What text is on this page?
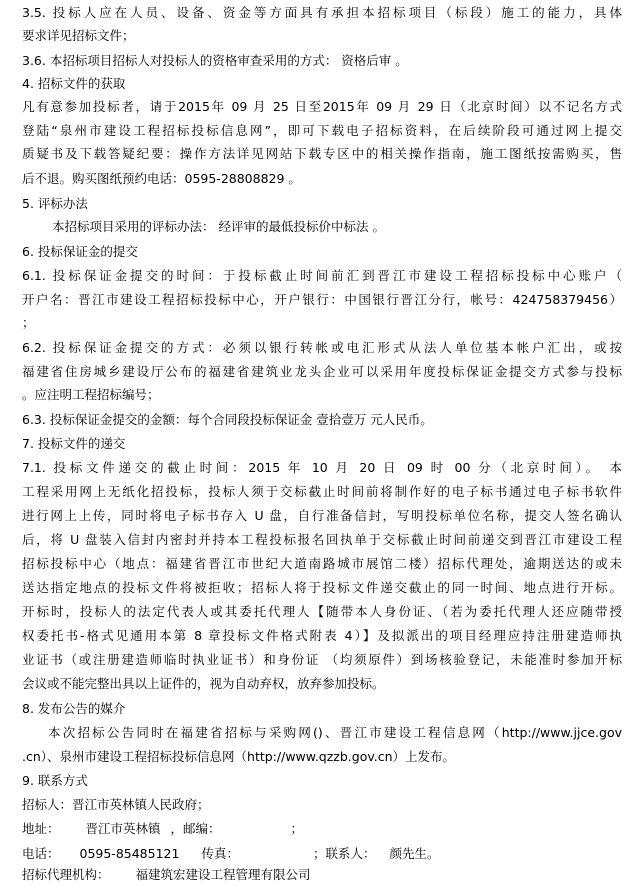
3.5. 投标人应在人员、设备、资金等方面具有承担本招标项目（标段）施工的能力，具体
要求详见招标文件；
3.6. 本招标项目招标人对投标人的资格审查采用的方式： 资格后审 。
4. 招标文件的获取
凡有意参加投标者，请于2015年 09 月 25 日至2015年 09 月 29 日（北京时间）以不记名方式
登陆“泉州市建设工程招标投标信息网”，即可下载电子招标资料，在后续阶段可通过网上提交
质疑书及下载答疑纪要：操作方法详见网站下载专区中的相关操作指南，施工图纸按需购买，售
后不退。购买图纸预约电话：0595-28808829 。
5. 评标办法
本招标项目采用的评标办法： 经评审的最低投标价中标法 。
6. 投标保证金的提交
6.1. 投标保证金提交的时间：于投标截止时间前汇到晋江市建设工程招标投标中心账户（
开户名：晋江市建设工程招标投标中心，开户银行：中国银行晋江分行，帐号：424758379456）
；
6.2. 投标保证金提交的方式：必须以银行转帐或电汇形式从法人单位基本帐户汇出，或按
福建省住房城乡建设厅公布的福建省建筑业龙头企业可以采用年度投标保证金提交方式参与投标
。应注明工程招标编号；
6.3. 投标保证金提交的金额：每个合同段投标保证金 壹拾壹万 元人民币。
7. 投标文件的递交
7.1. 投标文件递交的截止时间：2015 年 10 月 20 日 09 时 00 分（北京时间）。 本
工程采用网上无纸化招投标，投标人须于交标截止时间前将制作好的电子标书通过电子标书软件
进行网上上传，同时将电子标书存入 U 盘，自行准备信封，写明投标单位名称，提交人签名确认
后，将 U 盘装入信封内密封并持本工程投标报名回执单于交标截止时间前递交到晋江市建设工程
招标投标中心（地点：福建省晋江市世纪大道南路城市展馆二楼）招标代理处，逾期送达的或未
送达指定地点的投标文件将被拒收；招标人将于投标文件递交截止的同一时间、地点进行开标。
开标时，投标人的法定代表人或其委托代理人【随带本人身份证、（若为委托代理人还应随带授
权委托书-格式见通用本第 8 章投标文件格式附表 4）】及拟派出的项目经理应持注册建造师执
业证书（或注册建造师临时执业证书）和身份证 （均须原件）到场核验登记，未能准时参加开标
会议或不能完整出具以上证件的，视为自动弃权，放弃参加投标。
8. 发布公告的媒介
本次招标公告同时在福建省招标与采购网()、晋江市建设工程信息网（http://www.jjce.gov
.cn）、泉州市建设工程招标投标信息网（http://www.qzzb.gov.cn）上发布。
9. 联系方式
招标人：晋江市英林镇人民政府；
地址： 晋江市英林镇 ，邮编：	；
电话： 0595-85485121 传真：	；联系人： 颜先生。
招标代理机构： 福建筑宏建设工程管理有限公司
